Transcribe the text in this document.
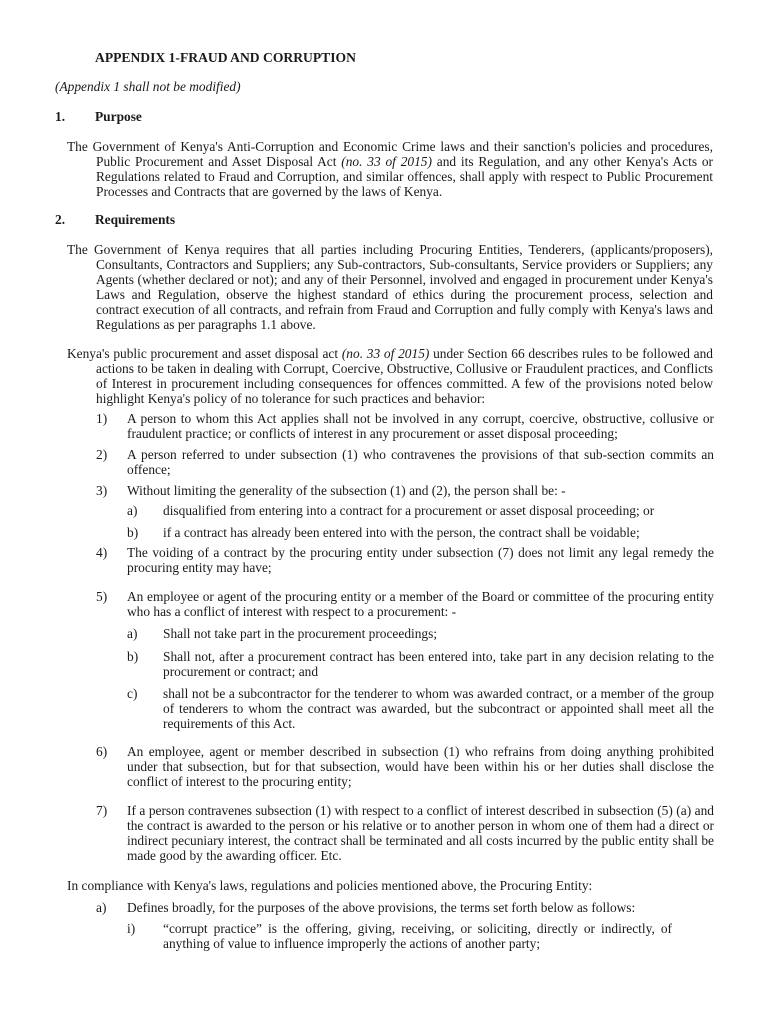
APPENDIX 1-FRAUD AND CORRUPTION
(Appendix 1 shall not be modified)
1. Purpose
The Government of Kenya's Anti-Corruption and Economic Crime laws and their sanction's policies and procedures, Public Procurement and Asset Disposal Act (no. 33 of 2015) and its Regulation, and any other Kenya's Acts or Regulations related to Fraud and Corruption, and similar offences, shall apply with respect to Public Procurement Processes and Contracts that are governed by the laws of Kenya.
2. Requirements
The Government of Kenya requires that all parties including Procuring Entities, Tenderers, (applicants/proposers), Consultants, Contractors and Suppliers; any Sub-contractors, Sub-consultants, Service providers or Suppliers; any Agents (whether declared or not); and any of their Personnel, involved and engaged in procurement under Kenya's Laws and Regulation, observe the highest standard of ethics during the procurement process, selection and contract execution of all contracts, and refrain from Fraud and Corruption and fully comply with Kenya's laws and Regulations as per paragraphs 1.1 above.
Kenya's public procurement and asset disposal act (no. 33 of 2015) under Section 66 describes rules to be followed and actions to be taken in dealing with Corrupt, Coercive, Obstructive, Collusive or Fraudulent practices, and Conflicts of Interest in procurement including consequences for offences committed. A few of the provisions noted below highlight Kenya's policy of no tolerance for such practices and behavior:
1) A person to whom this Act applies shall not be involved in any corrupt, coercive, obstructive, collusive or fraudulent practice; or conflicts of interest in any procurement or asset disposal proceeding;
2) A person referred to under subsection (1) who contravenes the provisions of that sub-section commits an offence;
3) Without limiting the generality of the subsection (1) and (2), the person shall be: -
a) disqualified from entering into a contract for a procurement or asset disposal proceeding; or
b) if a contract has already been entered into with the person, the contract shall be voidable;
4) The voiding of a contract by the procuring entity under subsection (7) does not limit any legal remedy the procuring entity may have;
5) An employee or agent of the procuring entity or a member of the Board or committee of the procuring entity who has a conflict of interest with respect to a procurement: -
a) Shall not take part in the procurement proceedings;
b) Shall not, after a procurement contract has been entered into, take part in any decision relating to the procurement or contract; and
c) shall not be a subcontractor for the tenderer to whom was awarded contract, or a member of the group of tenderers to whom the contract was awarded, but the subcontract or appointed shall meet all the requirements of this Act.
6) An employee, agent or member described in subsection (1) who refrains from doing anything prohibited under that subsection, but for that subsection, would have been within his or her duties shall disclose the conflict of interest to the procuring entity;
7) If a person contravenes subsection (1) with respect to a conflict of interest described in subsection (5) (a) and the contract is awarded to the person or his relative or to another person in whom one of them had a direct or indirect pecuniary interest, the contract shall be terminated and all costs incurred by the public entity shall be made good by the awarding officer. Etc.
In compliance with Kenya's laws, regulations and policies mentioned above, the Procuring Entity:
a) Defines broadly, for the purposes of the above provisions, the terms set forth below as follows:
i) “corrupt practice” is the offering, giving, receiving, or soliciting, directly or indirectly, of anything of value to influence improperly the actions of another party;
